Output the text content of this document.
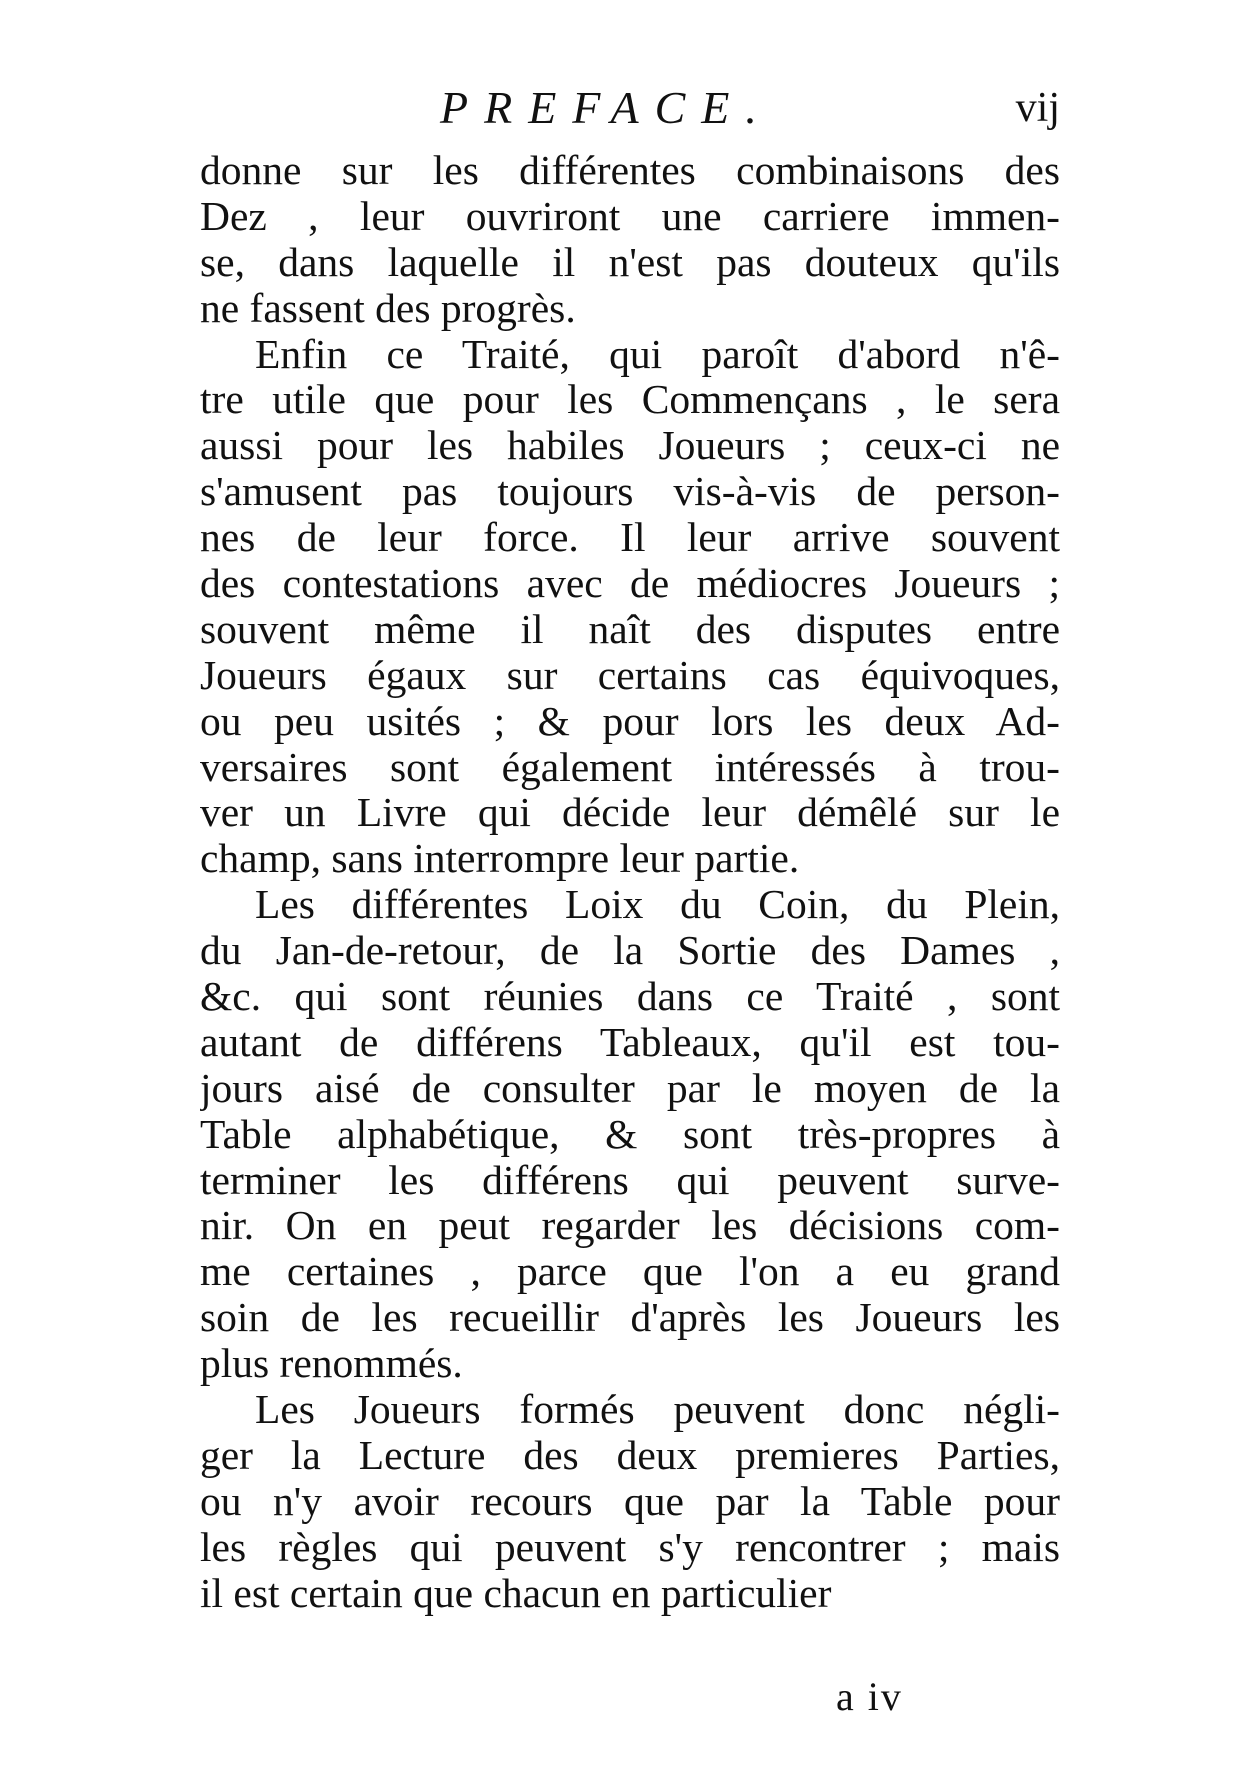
PREFACE.	vij
donne sur les différentes combinaisons des
Dez , leur ouvriront une carriere immen-
se, dans laquelle il n'est pas douteux qu'ils
ne fassent des progrès.
Enfin ce Traité, qui paroît d'abord n'ê-
tre utile que pour les Commençans , le sera
aussi pour les habiles Joueurs ; ceux-ci ne
s'amusent pas toujours vis-à-vis de person-
nes de leur force. Il leur arrive souvent
des contestations avec de médiocres Joueurs ;
souvent même il naît des disputes entre
Joueurs égaux sur certains cas équivoques,
ou peu usités ; & pour lors les deux Ad-
versaires sont également intéressés à trou-
ver un Livre qui décide leur démêlé sur le
champ, sans interrompre leur partie.
Les différentes Loix du Coin, du Plein,
du Jan-de-retour, de la Sortie des Dames ,
&c. qui sont réunies dans ce Traité , sont
autant de différens Tableaux, qu'il est tou-
jours aisé de consulter par le moyen de la
Table alphabétique, & sont très-propres à
terminer les différens qui peuvent surve-
nir. On en peut regarder les décisions com-
me certaines , parce que l'on a eu grand
soin de les recueillir d'après les Joueurs les
plus renommés.
Les Joueurs formés peuvent donc négli-
ger la Lecture des deux premieres Parties,
ou n'y avoir recours que par la Table pour
les règles qui peuvent s'y rencontrer ; mais
il est certain que chacun en particulier
a iv
